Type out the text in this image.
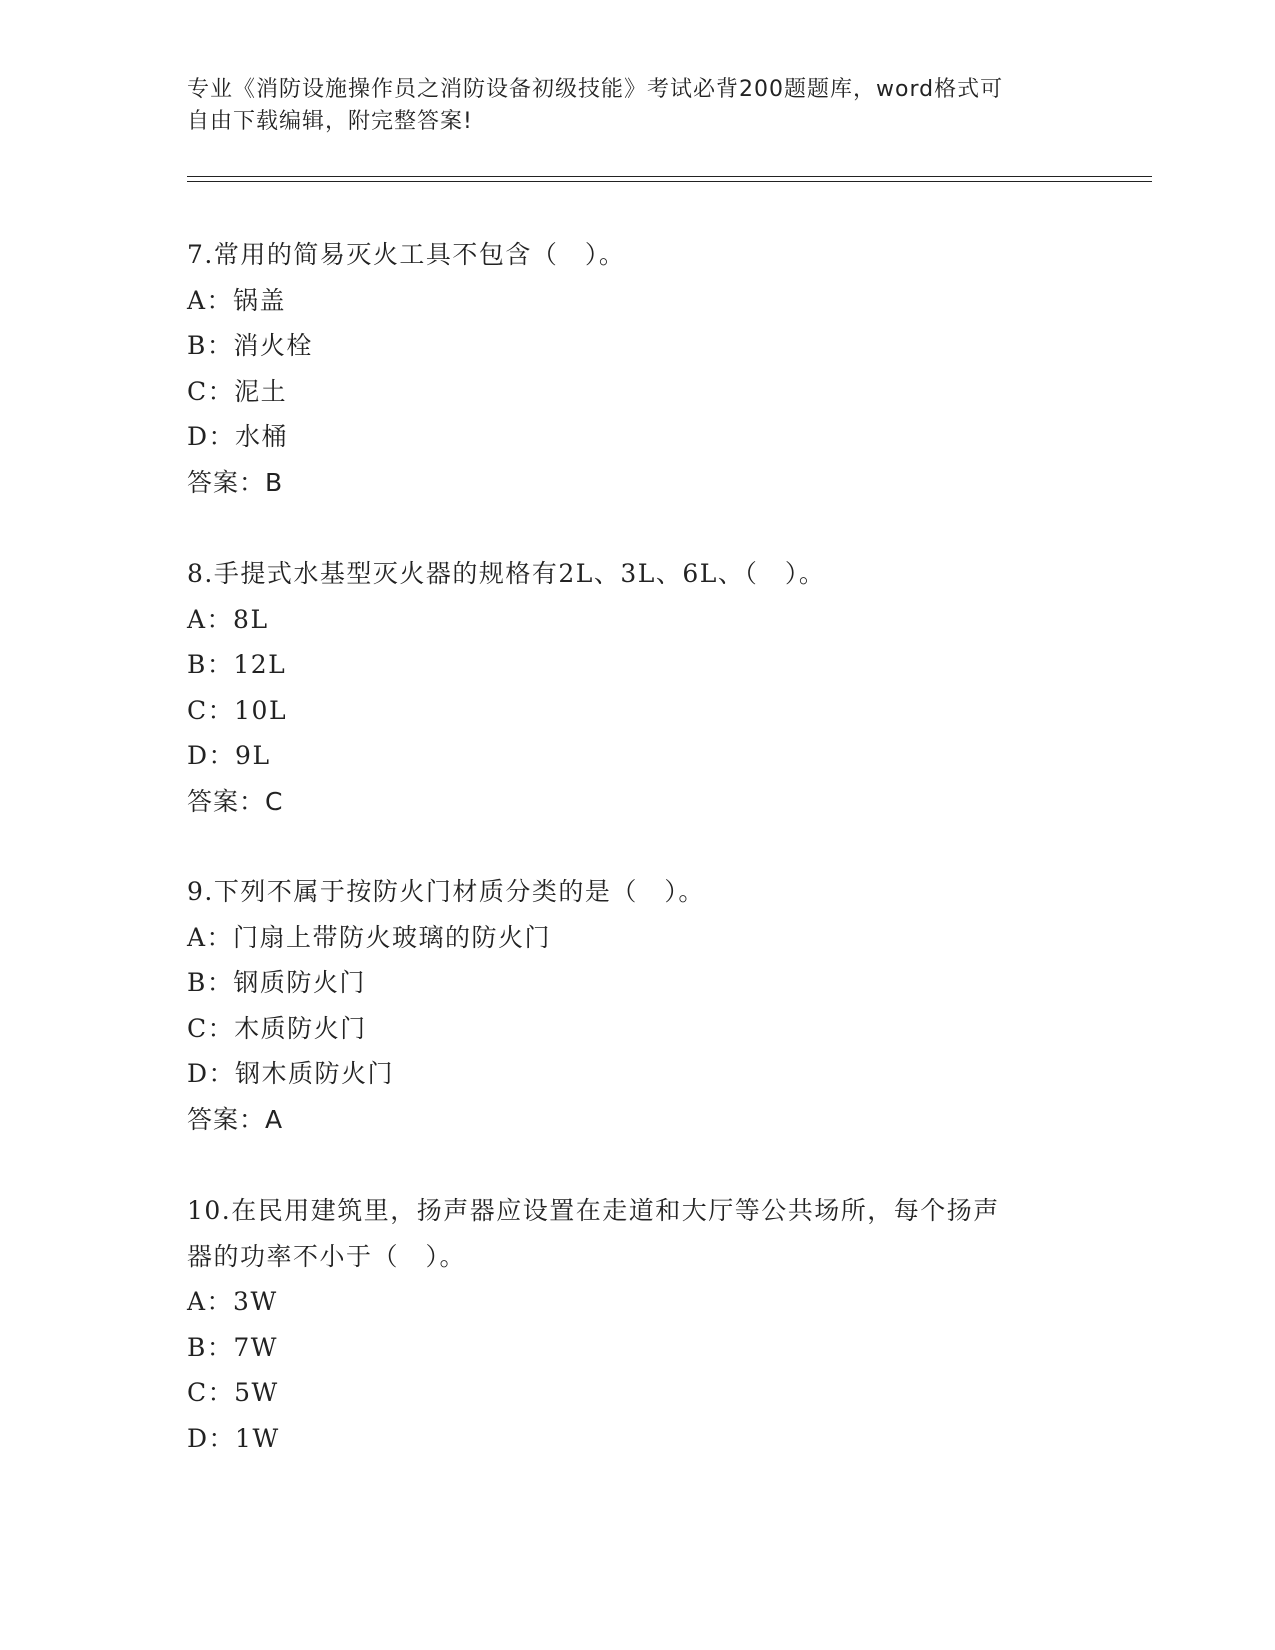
专业《消防设施操作员之消防设备初级技能》考试必背200题题库，word格式可
自由下载编辑，附完整答案!
7.常用的简易灭火工具不包含（　）。
A：锅盖
B：消火栓
C：泥土
D：水桶
答案：B
8.手提式水基型灭火器的规格有2L、3L、6L、（　）。
A：8L
B：12L
C：10L
D：9L
答案：C
9.下列不属于按防火门材质分类的是（　）。
A：门扇上带防火玻璃的防火门
B：钢质防火门
C：木质防火门
D：钢木质防火门
答案：A
10.在民用建筑里，扬声器应设置在走道和大厅等公共场所，每个扬声
器的功率不小于（　）。
A：3W
B：7W
C：5W
D：1W
